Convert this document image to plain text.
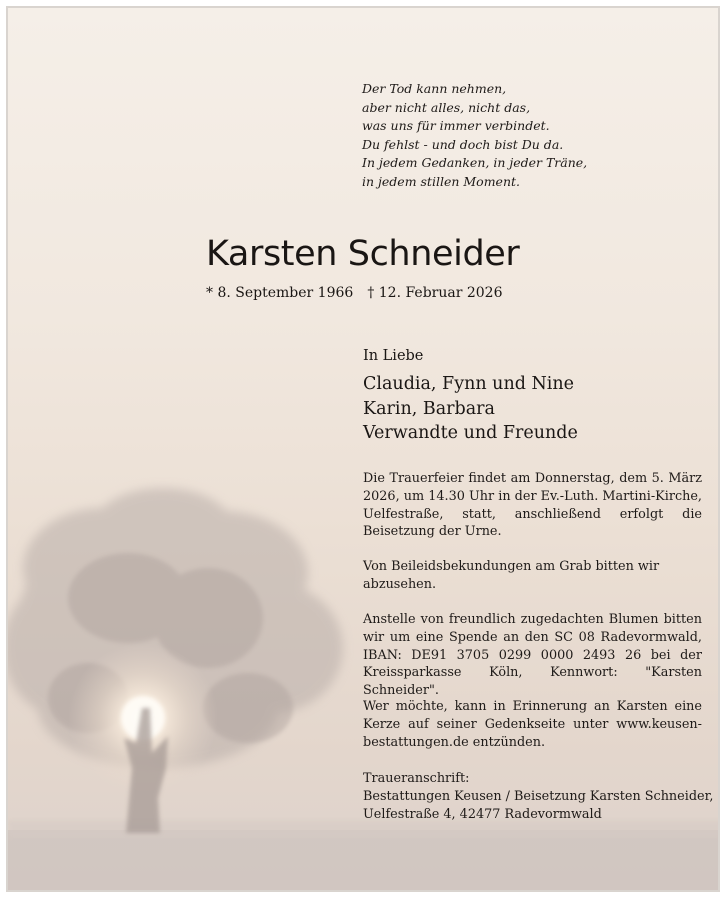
Der Tod kann nehmen,
aber nicht alles, nicht das,
was uns für immer verbindet.
Du fehlst - und doch bist Du da.
In jedem Gedanken, in jeder Träne,
in jedem stillen Moment.
Karsten Schneider
* 8. September 1966 † 12. Februar 2026
In Liebe
Claudia, Fynn und Nine
Karin, Barbara
Verwandte und Freunde
Die Trauerfeier findet am Donnerstag, dem 5. März 2026, um 14.30 Uhr in der Ev.-Luth. Martini-Kirche, Uelfestraße, statt, anschließend erfolgt die Beisetzung der Urne.
Von Beileidsbekundungen am Grab bitten wir
abzusehen.
Anstelle von freundlich zugedachten Blumen bitten wir um eine Spende an den SC 08 Radevormwald, IBAN: DE91 3705 0299 0000 2493 26 bei der Kreissparkasse Köln, Kennwort: "Karsten Schneider".
Wer möchte, kann in Erinnerung an Karsten eine Kerze auf seiner Gedenkseite unter www.keusen-bestattungen.de entzünden.
Traueranschrift:
Bestattungen Keusen / Beisetzung Karsten Schneider,
Uelfestraße 4, 42477 Radevormwald
